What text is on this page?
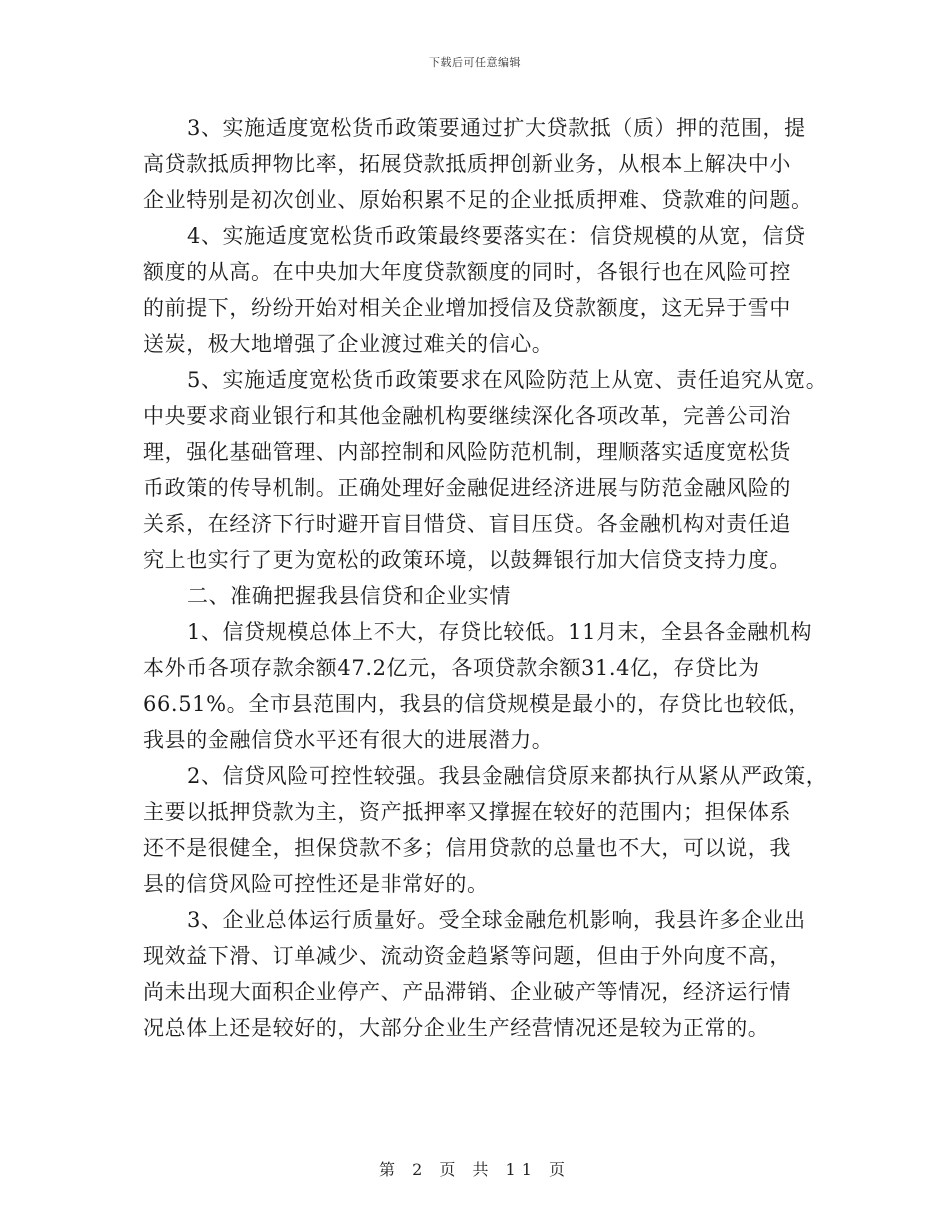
下载后可任意编辑

3、实施适度宽松货币政策要通过扩大贷款抵（质）押的范围，提
高贷款抵质押物比率，拓展贷款抵质押创新业务，从根本上解决中小
企业特别是初次创业、原始积累不足的企业抵质押难、贷款难的问题。

4、实施适度宽松货币政策最终要落实在：信贷规模的从宽，信贷
额度的从高。在中央加大年度贷款额度的同时，各银行也在风险可控
的前提下，纷纷开始对相关企业增加授信及贷款额度，这无异于雪中
送炭，极大地增强了企业渡过难关的信心。

5、实施适度宽松货币政策要求在风险防范上从宽、责任追究从宽。
中央要求商业银行和其他金融机构要继续深化各项改革，完善公司治
理，强化基础管理、内部控制和风险防范机制，理顺落实适度宽松货
币政策的传导机制。正确处理好金融促进经济进展与防范金融风险的
关系，在经济下行时避开盲目惜贷、盲目压贷。各金融机构对责任追
究上也实行了更为宽松的政策环境，以鼓舞银行加大信贷支持力度。

二、准确把握我县信贷和企业实情

1、信贷规模总体上不大，存贷比较低。11月末，全县各金融机构
本外币各项存款余额47.2亿元，各项贷款余额31.4亿，存贷比为
66.51%。全市县范围内，我县的信贷规模是最小的，存贷比也较低，
我县的金融信贷水平还有很大的进展潜力。

2、信贷风险可控性较强。我县金融信贷原来都执行从紧从严政策，
主要以抵押贷款为主，资产抵押率又撑握在较好的范围内；担保体系
还不是很健全，担保贷款不多；信用贷款的总量也不大，可以说，我
县的信贷风险可控性还是非常好的。

3、企业总体运行质量好。受全球金融危机影响，我县许多企业出
现效益下滑、订单减少、流动资金趋紧等问题，但由于外向度不高，
尚未出现大面积企业停产、产品滞销、企业破产等情况，经济运行情
况总体上还是较好的，大部分企业生产经营情况还是较为正常的。

第 2 页 共 11 页
